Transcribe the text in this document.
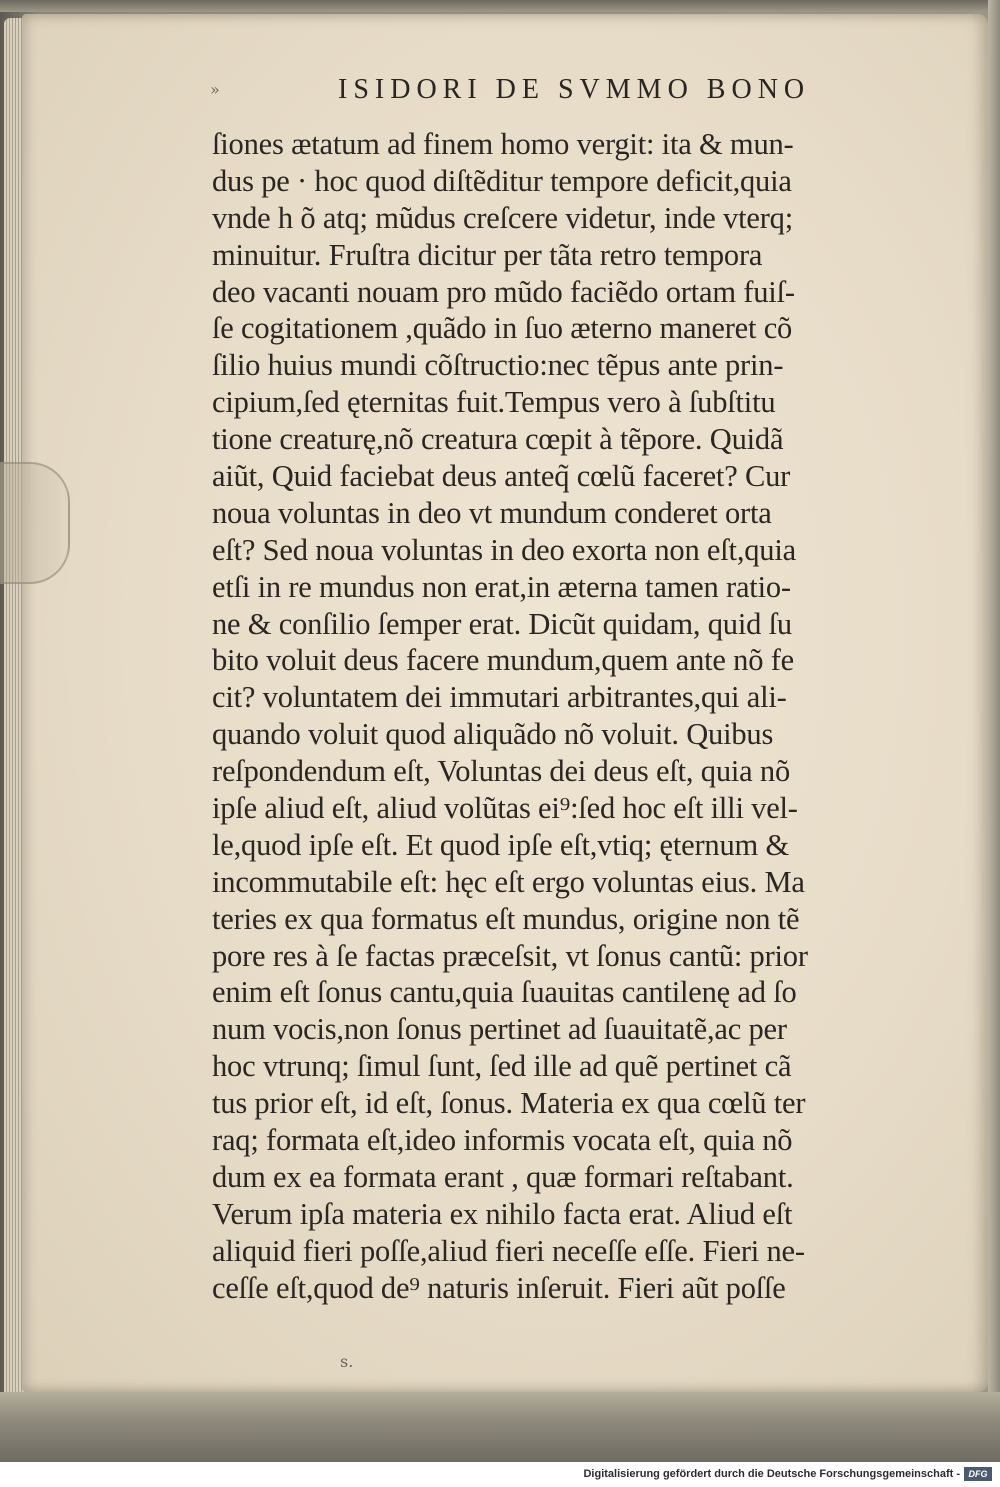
»	ISIDORI DE SVMMO BONO
ſiones ætatum ad finem homo vergit: ita & mun-
dus pe · hoc quod diſtẽditur tempore deficit,quia
vnde h õ atq; mũdus creſcere videtur, inde vterq;
minuitur. Fruſtra dicitur per tãta retro tempora
deo vacanti nouam pro mũdo faciẽdo ortam fuiſ-
ſe cogitationem ,quãdo in ſuo æterno maneret cõ
ſilio huius mundi cõſtructio:nec tẽpus ante prin-
cipium,ſed ęternitas fuit.Tempus vero à ſubſtitu
tione creaturę,nõ creatura cœpit à tẽpore. Quidã
aiũt, Quid faciebat deus anteq̃ cœlũ faceret? Cur
noua voluntas in deo vt mundum conderet orta
eſt? Sed noua voluntas in deo exorta non eſt,quia
etſi in re mundus non erat,in æterna tamen ratio-
ne & conſilio ſemper erat. Dicũt quidam, quid ſu
bito voluit deus facere mundum,quem ante nõ fe
cit? voluntatem dei immutari arbitrantes,qui ali-
quando voluit quod aliquãdo nõ voluit. Quibus
reſpondendum eſt, Voluntas dei deus eſt, quia nõ
ipſe aliud eſt, aliud volũtas ei⁹:ſed hoc eſt illi vel-
le,quod ipſe eſt. Et quod ipſe eſt,vtiq; ęternum &
incommutabile eſt: hęc eſt ergo voluntas eius. Ma
teries ex qua formatus eſt mundus, origine non tẽ
pore res à ſe factas præceſsit, vt ſonus cantũ: prior
enim eſt ſonus cantu,quia ſuauitas cantilenę ad ſo
num vocis,non ſonus pertinet ad ſuauitatẽ,ac per
hoc vtrunq; ſimul ſunt, ſed ille ad quẽ pertinet cã
tus prior eſt, id eſt, ſonus. Materia ex qua cœlũ ter
raq; formata eſt,ideo informis vocata eſt, quia nõ
dum ex ea formata erant , quæ formari reſtabant.
Verum ipſa materia ex nihilo facta erat. Aliud eſt
aliquid fieri poſſe,aliud fieri neceſſe eſſe. Fieri ne-
ceſſe eſt,quod de⁹ naturis inſeruit. Fieri aũt poſſe
s.
Digitalisierung gefördert durch die Deutsche Forschungsgemeinschaft - DFG
